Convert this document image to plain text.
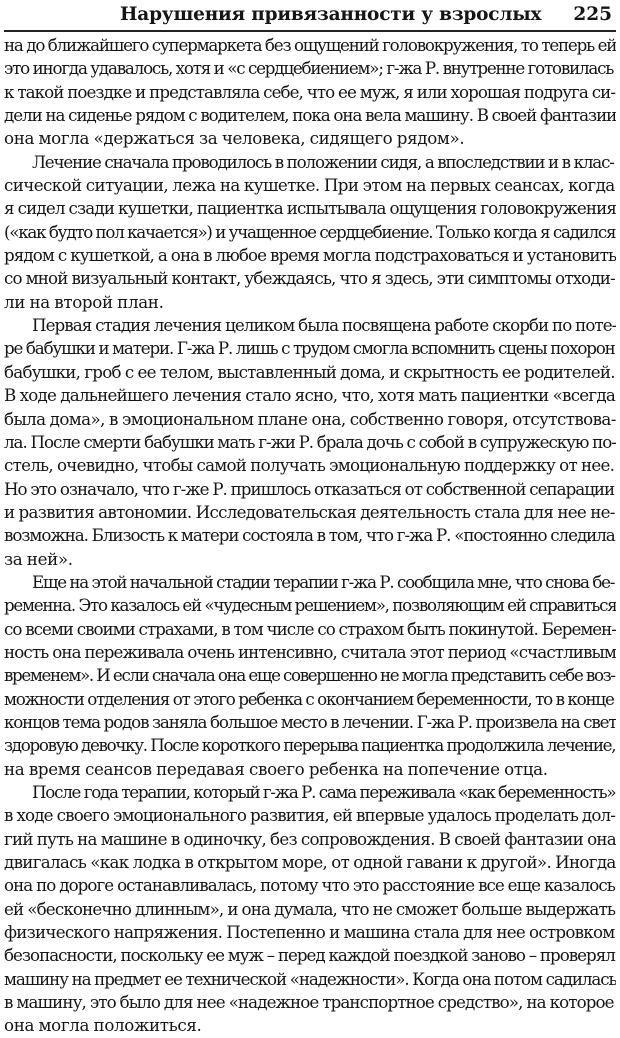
Нарушения привязанности у взрослых 225

на до ближайшего супермаркета без ощущений головокружения, то теперь ей
это иногда удавалось, хотя и «с сердцебиением»; г-жа Р. внутренне готовилась
к такой поездке и представляла себе, что ее муж, я или хорошая подруга си-
дели на сиденье рядом с водителем, пока она вела машину. В своей фантазии
она могла «держаться за человека, сидящего рядом».

Лечение сначала проводилось в положении сидя, а впоследствии и в клас-
сической ситуации, лежа на кушетке. При этом на первых сеансах, когда
я сидел сзади кушетки, пациентка испытывала ощущения головокружения
(«как будто пол качается») и учащенное сердцебиение. Только когда я садился
рядом с кушеткой, а она в любое время могла подстраховаться и установить
со мной визуальный контакт, убеждаясь, что я здесь, эти симптомы отходи-
ли на второй план.

Первая стадия лечения целиком была посвящена работе скорби по поте-
ре бабушки и матери. Г-жа Р. лишь с трудом смогла вспомнить сцены похорон
бабушки, гроб с ее телом, выставленный дома, и скрытность ее родителей.
В ходе дальнейшего лечения стало ясно, что, хотя мать пациентки «всегда
была дома», в эмоциональном плане она, собственно говоря, отсутствова-
ла. После смерти бабушки мать г-жи Р. брала дочь с собой в супружескую по-
стель, очевидно, чтобы самой получать эмоциональную поддержку от нее.
Но это означало, что г-же Р. пришлось отказаться от собственной сепарации
и развития автономии. Исследовательская деятельность стала для нее не-
возможна. Близость к матери состояла в том, что г-жа Р. «постоянно следила
за ней».

Еще на этой начальной стадии терапии г-жа Р. сообщила мне, что снова бе-
ременна. Это казалось ей «чудесным решением», позволяющим ей справиться
со всеми своими страхами, в том числе со страхом быть покинутой. Беремен-
ность она переживала очень интенсивно, считала этот период «счастливым
временем». И если сначала она еще совершенно не могла представить себе воз-
можности отделения от этого ребенка с окончанием беременности, то в конце
концов тема родов заняла большое место в лечении. Г-жа Р. произвела на свет
здоровую девочку. После короткого перерыва пациентка продолжила лечение,
на время сеансов передавая своего ребенка на попечение отца.

После года терапии, который г-жа Р. сама переживала «как беременность»
в ходе своего эмоционального развития, ей впервые удалось проделать дол-
гий путь на машине в одиночку, без сопровождения. В своей фантазии она
двигалась «как лодка в открытом море, от одной гавани к другой». Иногда
она по дороге останавливалась, потому что это расстояние все еще казалось
ей «бесконечно длинным», и она думала, что не сможет больше выдержать
физического напряжения. Постепенно и машина стала для нее островком
безопасности, поскольку ее муж – перед каждой поездкой заново – проверял
машину на предмет ее технической «надежности». Когда она потом садилась
в машину, это было для нее «надежное транспортное средство», на которое
она могла положиться.
